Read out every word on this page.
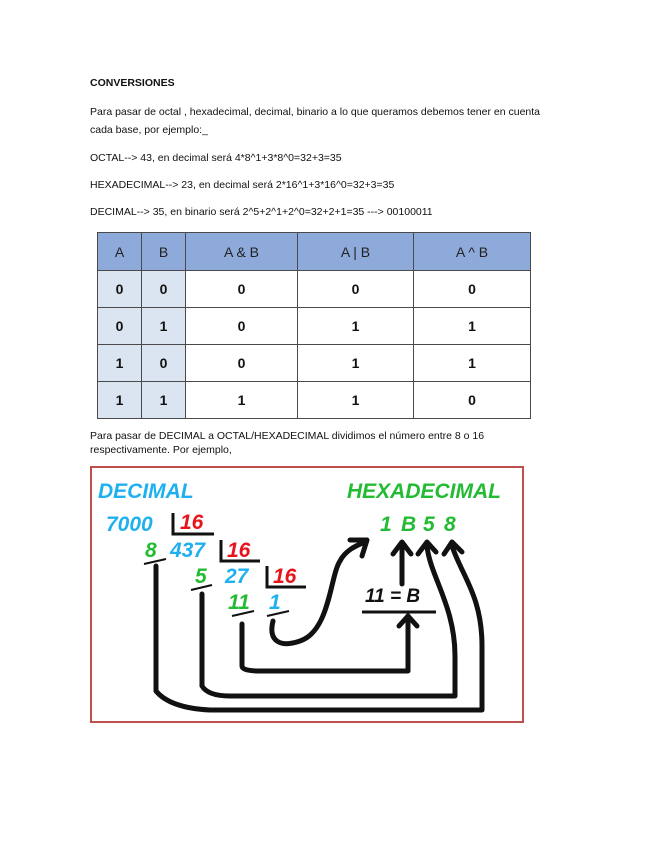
CONVERSIONES
Para pasar de octal , hexadecimal, decimal, binario a lo que queramos debemos tener en cuenta
cada base, por ejemplo:_
OCTAL--> 43, en decimal será 4*8^1+3*8^0=32+3=35
HEXADECIMAL--> 23, en decimal será 2*16^1+3*16^0=32+3=35
DECIMAL--> 35, en binario será 2^5+2^1+2^0=32+2+1=35 ---> 00100011
A	B	A & B	A | B	A ^ B
0	0	0	0	0
0	1	0	1	1
1	0	0	1	1
1	1	1	1	0
Para pasar de DECIMAL a OCTAL/HEXADECIMAL dividimos el número entre 8 o 16
respectivamente. Por ejemplo,
DECIMAL	HEXADECIMAL
7000 16
8 437 16
5 27 16
11 1
1 B 5 8
11 = B
